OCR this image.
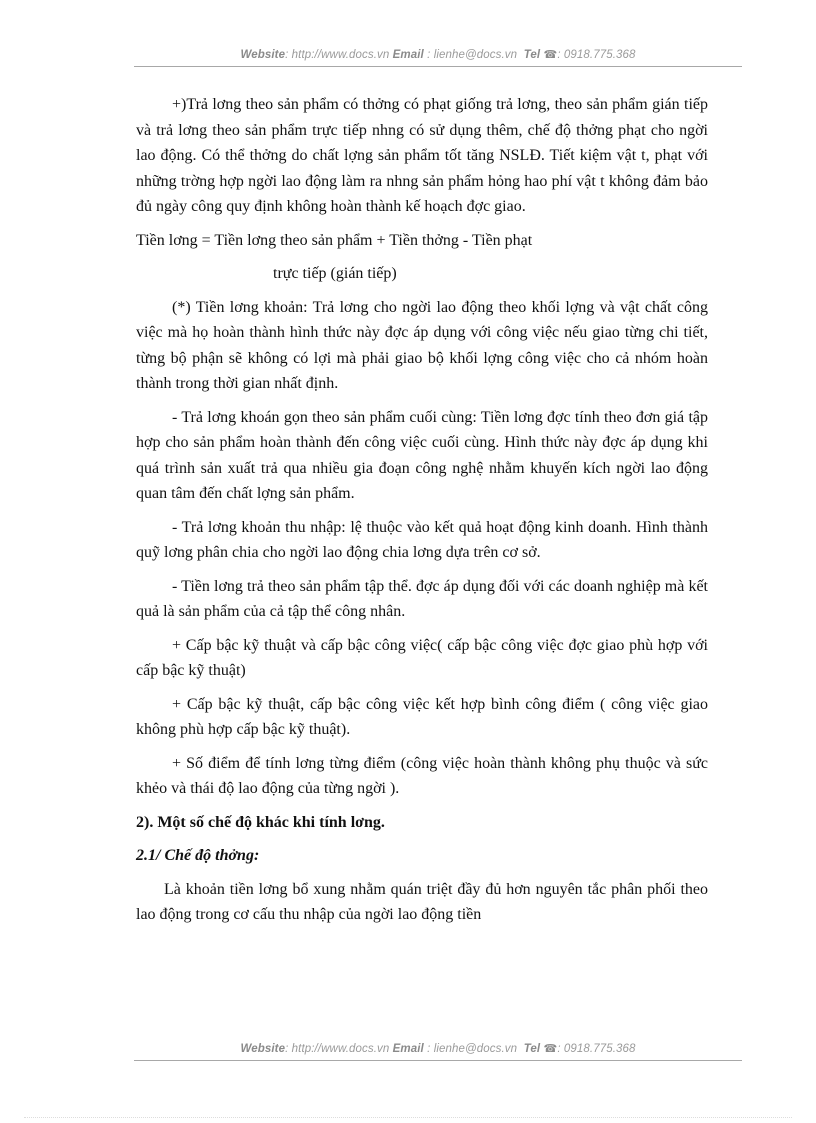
Website: http://www.docs.vn Email : lienhe@docs.vn Tel ☎: 0918.775.368

+)Trả lơng theo sản phẩm có thởng có phạt giống trả lơng, theo sản phẩm gián tiếp và trả lơng theo sản phẩm trực tiếp nhng có sử dụng thêm, chế độ thởng phạt cho ngời lao động. Có thể thởng do chất lợng sản phẩm tốt tăng NSLĐ. Tiết kiệm vật t, phạt với những trờng hợp ngời lao động làm ra nhng sản phẩm hỏng hao phí vật t không đảm bảo đủ ngày công quy định không hoàn thành kế hoạch đợc giao.

Tiền lơng = Tiền lơng theo sản phẩm + Tiền thởng - Tiền phạt

trực tiếp (gián tiếp)

(*) Tiền lơng khoản: Trả lơng cho ngời lao động theo khối lợng và vật chất công việc mà họ hoàn thành hình thức này đợc áp dụng với công việc nếu giao từng chi tiết, từng bộ phận sẽ không có lợi mà phải giao bộ khối lợng công việc cho cả nhóm hoàn thành trong thời gian nhất định.

- Trả lơng khoán gọn theo sản phẩm cuối cùng: Tiền lơng đợc tính theo đơn giá tập hợp cho sản phẩm hoàn thành đến công việc cuối cùng. Hình thức này đợc áp dụng khi quá trình sản xuất trả qua nhiều gia đoạn công nghệ nhằm khuyến kích ngời lao động quan tâm đến chất lợng sản phẩm.

- Trả lơng khoản thu nhập: lệ thuộc vào kết quả hoạt động kinh doanh. Hình thành quỹ lơng phân chia cho ngời lao động chia lơng dựa trên cơ sở.

- Tiền lơng trả theo sản phẩm tập thể. đợc áp dụng đối với các doanh nghiệp mà kết quả là sản phẩm của cả tập thể công nhân.

+ Cấp bậc kỹ thuật và cấp bậc công việc( cấp bậc công việc đợc giao phù hợp với cấp bậc kỹ thuật)

+ Cấp bậc kỹ thuật, cấp bậc công việc kết hợp bình công điểm ( công việc giao không phù hợp cấp bậc kỹ thuật).

+ Số điểm để tính lơng từng điểm (công việc hoàn thành không phụ thuộc và sức khẻo và thái độ lao động của từng ngời ).

2). Một số chế độ khác khi tính lơng.

2.1/ Chế độ thởng:

Là khoản tiền lơng bổ xung nhằm quán triệt đầy đủ hơn nguyên tắc phân phối theo lao động trong cơ cấu thu nhập của ngời lao động tiền

Website: http://www.docs.vn Email : lienhe@docs.vn Tel ☎: 0918.775.368
